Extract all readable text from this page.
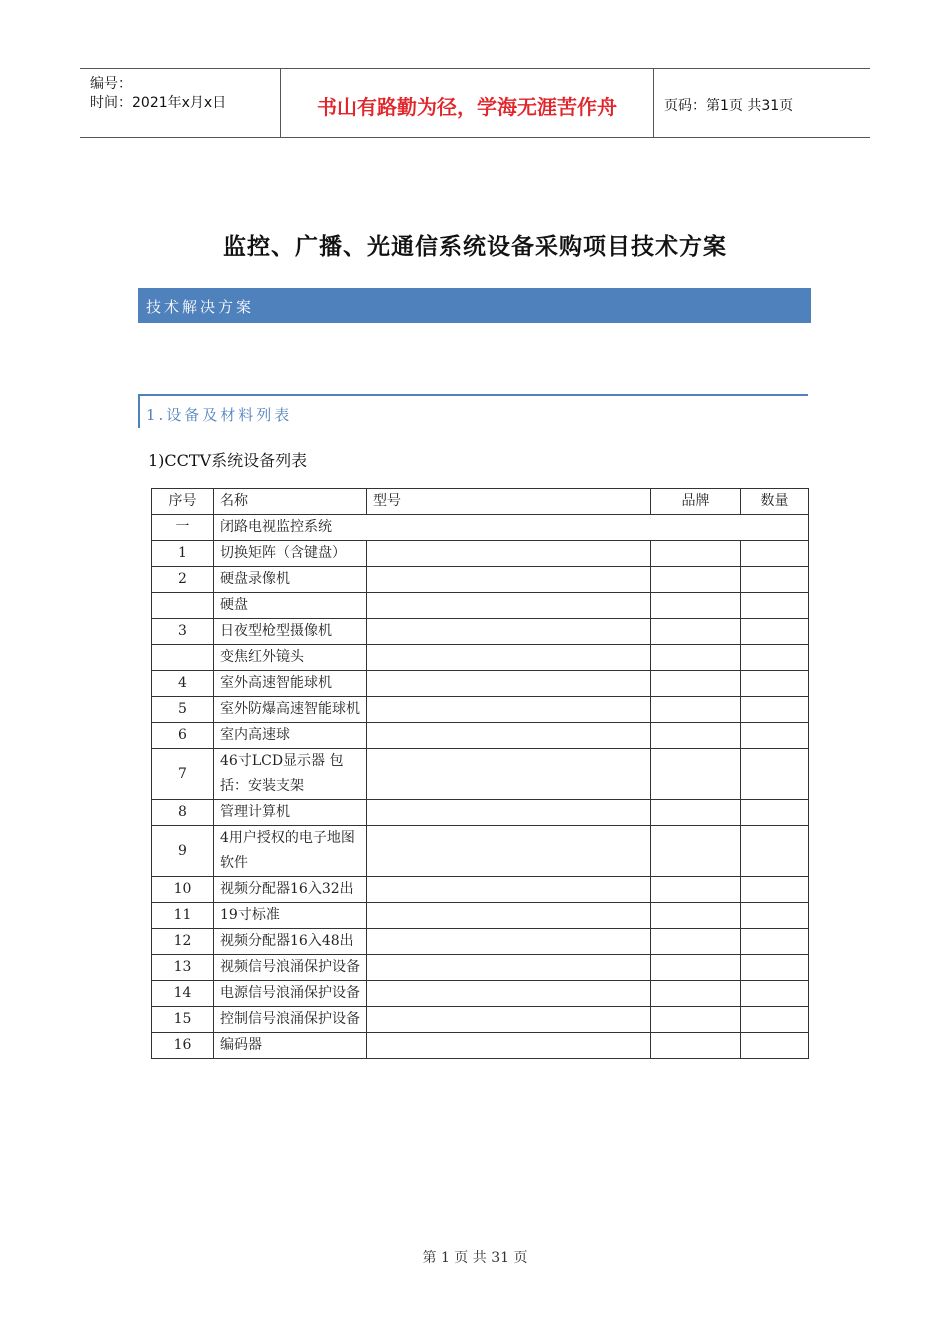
编号：
时间：2021年x月x日	书山有路勤为径，学海无涯苦作舟	页码：第1页 共31页
监控、广播、光通信系统设备采购项目技术方案
技术解决方案
1.设备及材料列表
1)CCTV系统设备列表
序号	名称	型号	品牌	数量
一	闭路电视监控系统			
1	切换矩阵（含键盘）			
2	硬盘录像机			
	硬盘			
3	日夜型枪型摄像机			
	变焦红外镜头			
4	室外高速智能球机			
5	室外防爆高速智能球机			
6	室内高速球			
7	46寸LCD显示器 包括：安装支架			
8	管理计算机			
9	4用户授权的电子地图软件			
10	视频分配器16入32出			
11	19寸标准			
12	视频分配器16入48出			
13	视频信号浪涌保护设备			
14	电源信号浪涌保护设备			
15	控制信号浪涌保护设备			
16	编码器			
第 1 页 共 31 页
